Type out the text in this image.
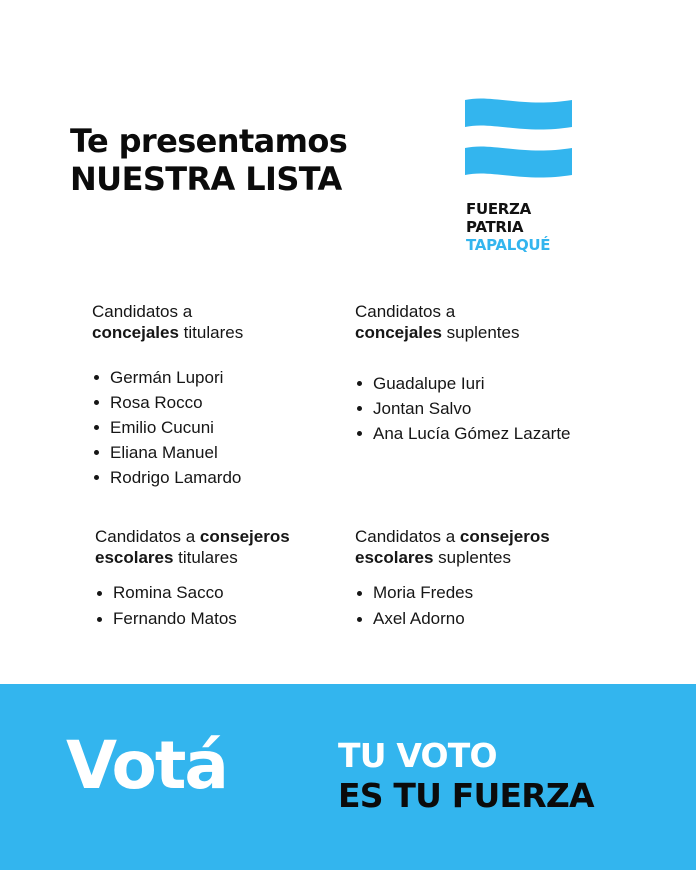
Te presentamos
NUESTRA LISTA
FUERZA
PATRIA
TAPALQUÉ
Candidatos a
concejales titulares
Germán Lupori
Rosa Rocco
Emilio Cucuni
Eliana Manuel
Rodrigo Lamardo
Candidatos a
concejales suplentes
Guadalupe Iuri
Jontan Salvo
Ana Lucía Gómez Lazarte
Candidatos a consejeros
escolares titulares
Romina Sacco
Fernando Matos
Candidatos a consejeros
escolares suplentes
Moria Fredes
Axel Adorno
Votá	TU VOTO
ES TU FUERZA
